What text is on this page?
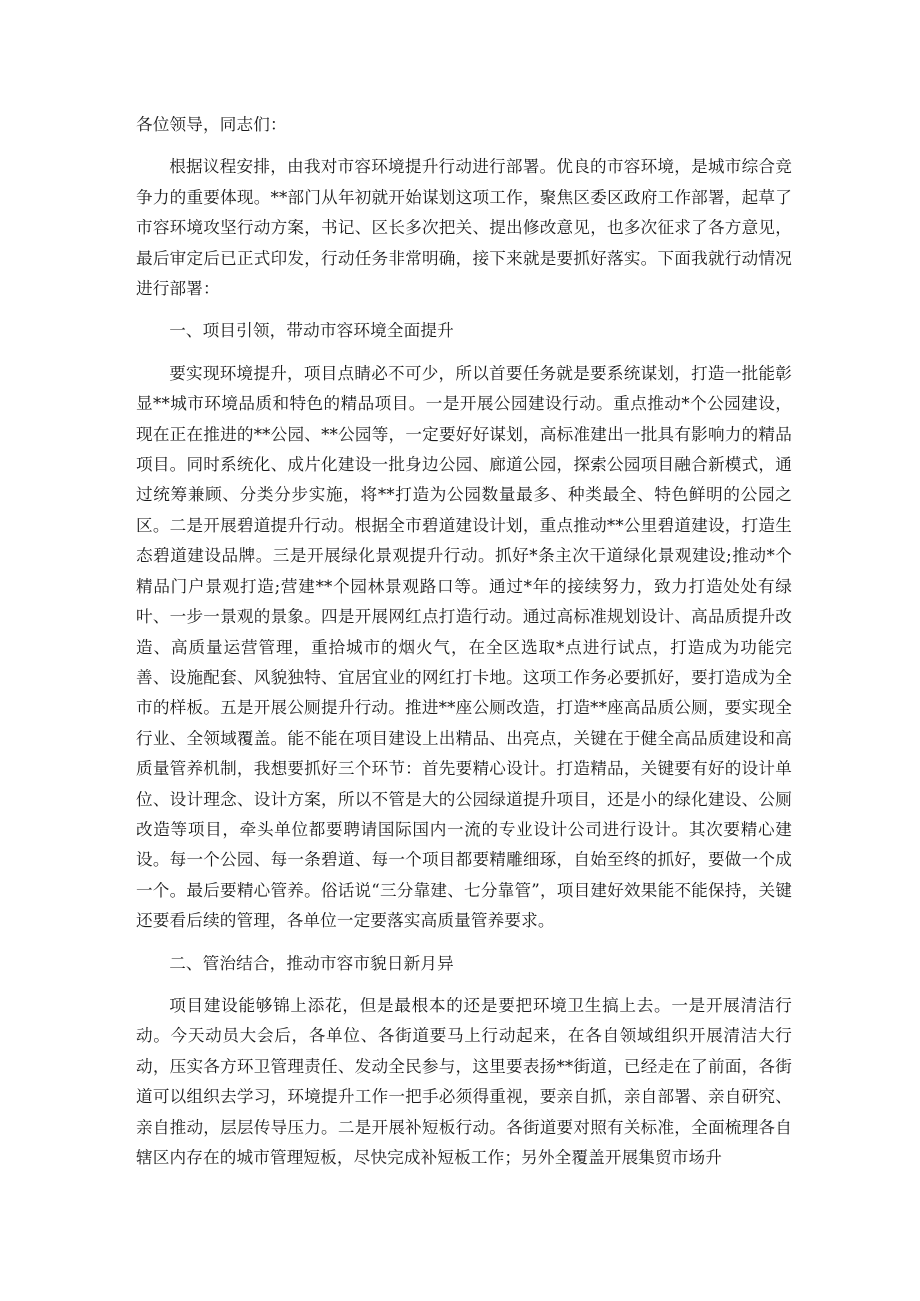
各位领导，同志们：

根据议程安排，由我对市容环境提升行动进行部署。优良的市容环境，是城市综合竞争力的重要体现。**部门从年初就开始谋划这项工作，聚焦区委区政府工作部署，起草了市容环境攻坚行动方案，书记、区长多次把关、提出修改意见，也多次征求了各方意见，最后审定后已正式印发，行动任务非常明确，接下来就是要抓好落实。下面我就行动情况进行部署：

一、项目引领，带动市容环境全面提升

要实现环境提升，项目点睛必不可少，所以首要任务就是要系统谋划，打造一批能彰显**城市环境品质和特色的精品项目。一是开展公园建设行动。重点推动*个公园建设，现在正在推进的**公园、**公园等，一定要好好谋划，高标准建出一批具有影响力的精品项目。同时系统化、成片化建设一批身边公园、廊道公园，探索公园项目融合新模式，通过统筹兼顾、分类分步实施，将**打造为公园数量最多、种类最全、特色鲜明的公园之区。二是开展碧道提升行动。根据全市碧道建设计划，重点推动**公里碧道建设，打造生态碧道建设品牌。三是开展绿化景观提升行动。抓好*条主次干道绿化景观建设;推动*个精品门户景观打造;营建**个园林景观路口等。通过*年的接续努力，致力打造处处有绿叶、一步一景观的景象。四是开展网红点打造行动。通过高标准规划设计、高品质提升改造、高质量运营管理，重拾城市的烟火气，在全区选取*点进行试点，打造成为功能完善、设施配套、风貌独特、宜居宜业的网红打卡地。这项工作务必要抓好，要打造成为全市的样板。五是开展公厕提升行动。推进**座公厕改造，打造**座高品质公厕，要实现全行业、全领域覆盖。能不能在项目建设上出精品、出亮点，关键在于健全高品质建设和高质量管养机制，我想要抓好三个环节：首先要精心设计。打造精品，关键要有好的设计单位、设计理念、设计方案，所以不管是大的公园绿道提升项目，还是小的绿化建设、公厕改造等项目，牵头单位都要聘请国际国内一流的专业设计公司进行设计。其次要精心建设。每一个公园、每一条碧道、每一个项目都要精雕细琢，自始至终的抓好，要做一个成一个。最后要精心管养。俗话说“三分靠建、七分靠管”，项目建好效果能不能保持，关键还要看后续的管理，各单位一定要落实高质量管养要求。

二、管治结合，推动市容市貌日新月异

项目建设能够锦上添花，但是最根本的还是要把环境卫生搞上去。一是开展清洁行动。今天动员大会后，各单位、各街道要马上行动起来，在各自领域组织开展清洁大行动，压实各方环卫管理责任、发动全民参与，这里要表扬**街道，已经走在了前面，各街道可以组织去学习，环境提升工作一把手必须得重视，要亲自抓，亲自部署、亲自研究、亲自推动，层层传导压力。二是开展补短板行动。各街道要对照有关标准，全面梳理各自辖区内存在的城市管理短板，尽快完成补短板工作；另外全覆盖开展集贸市场升
